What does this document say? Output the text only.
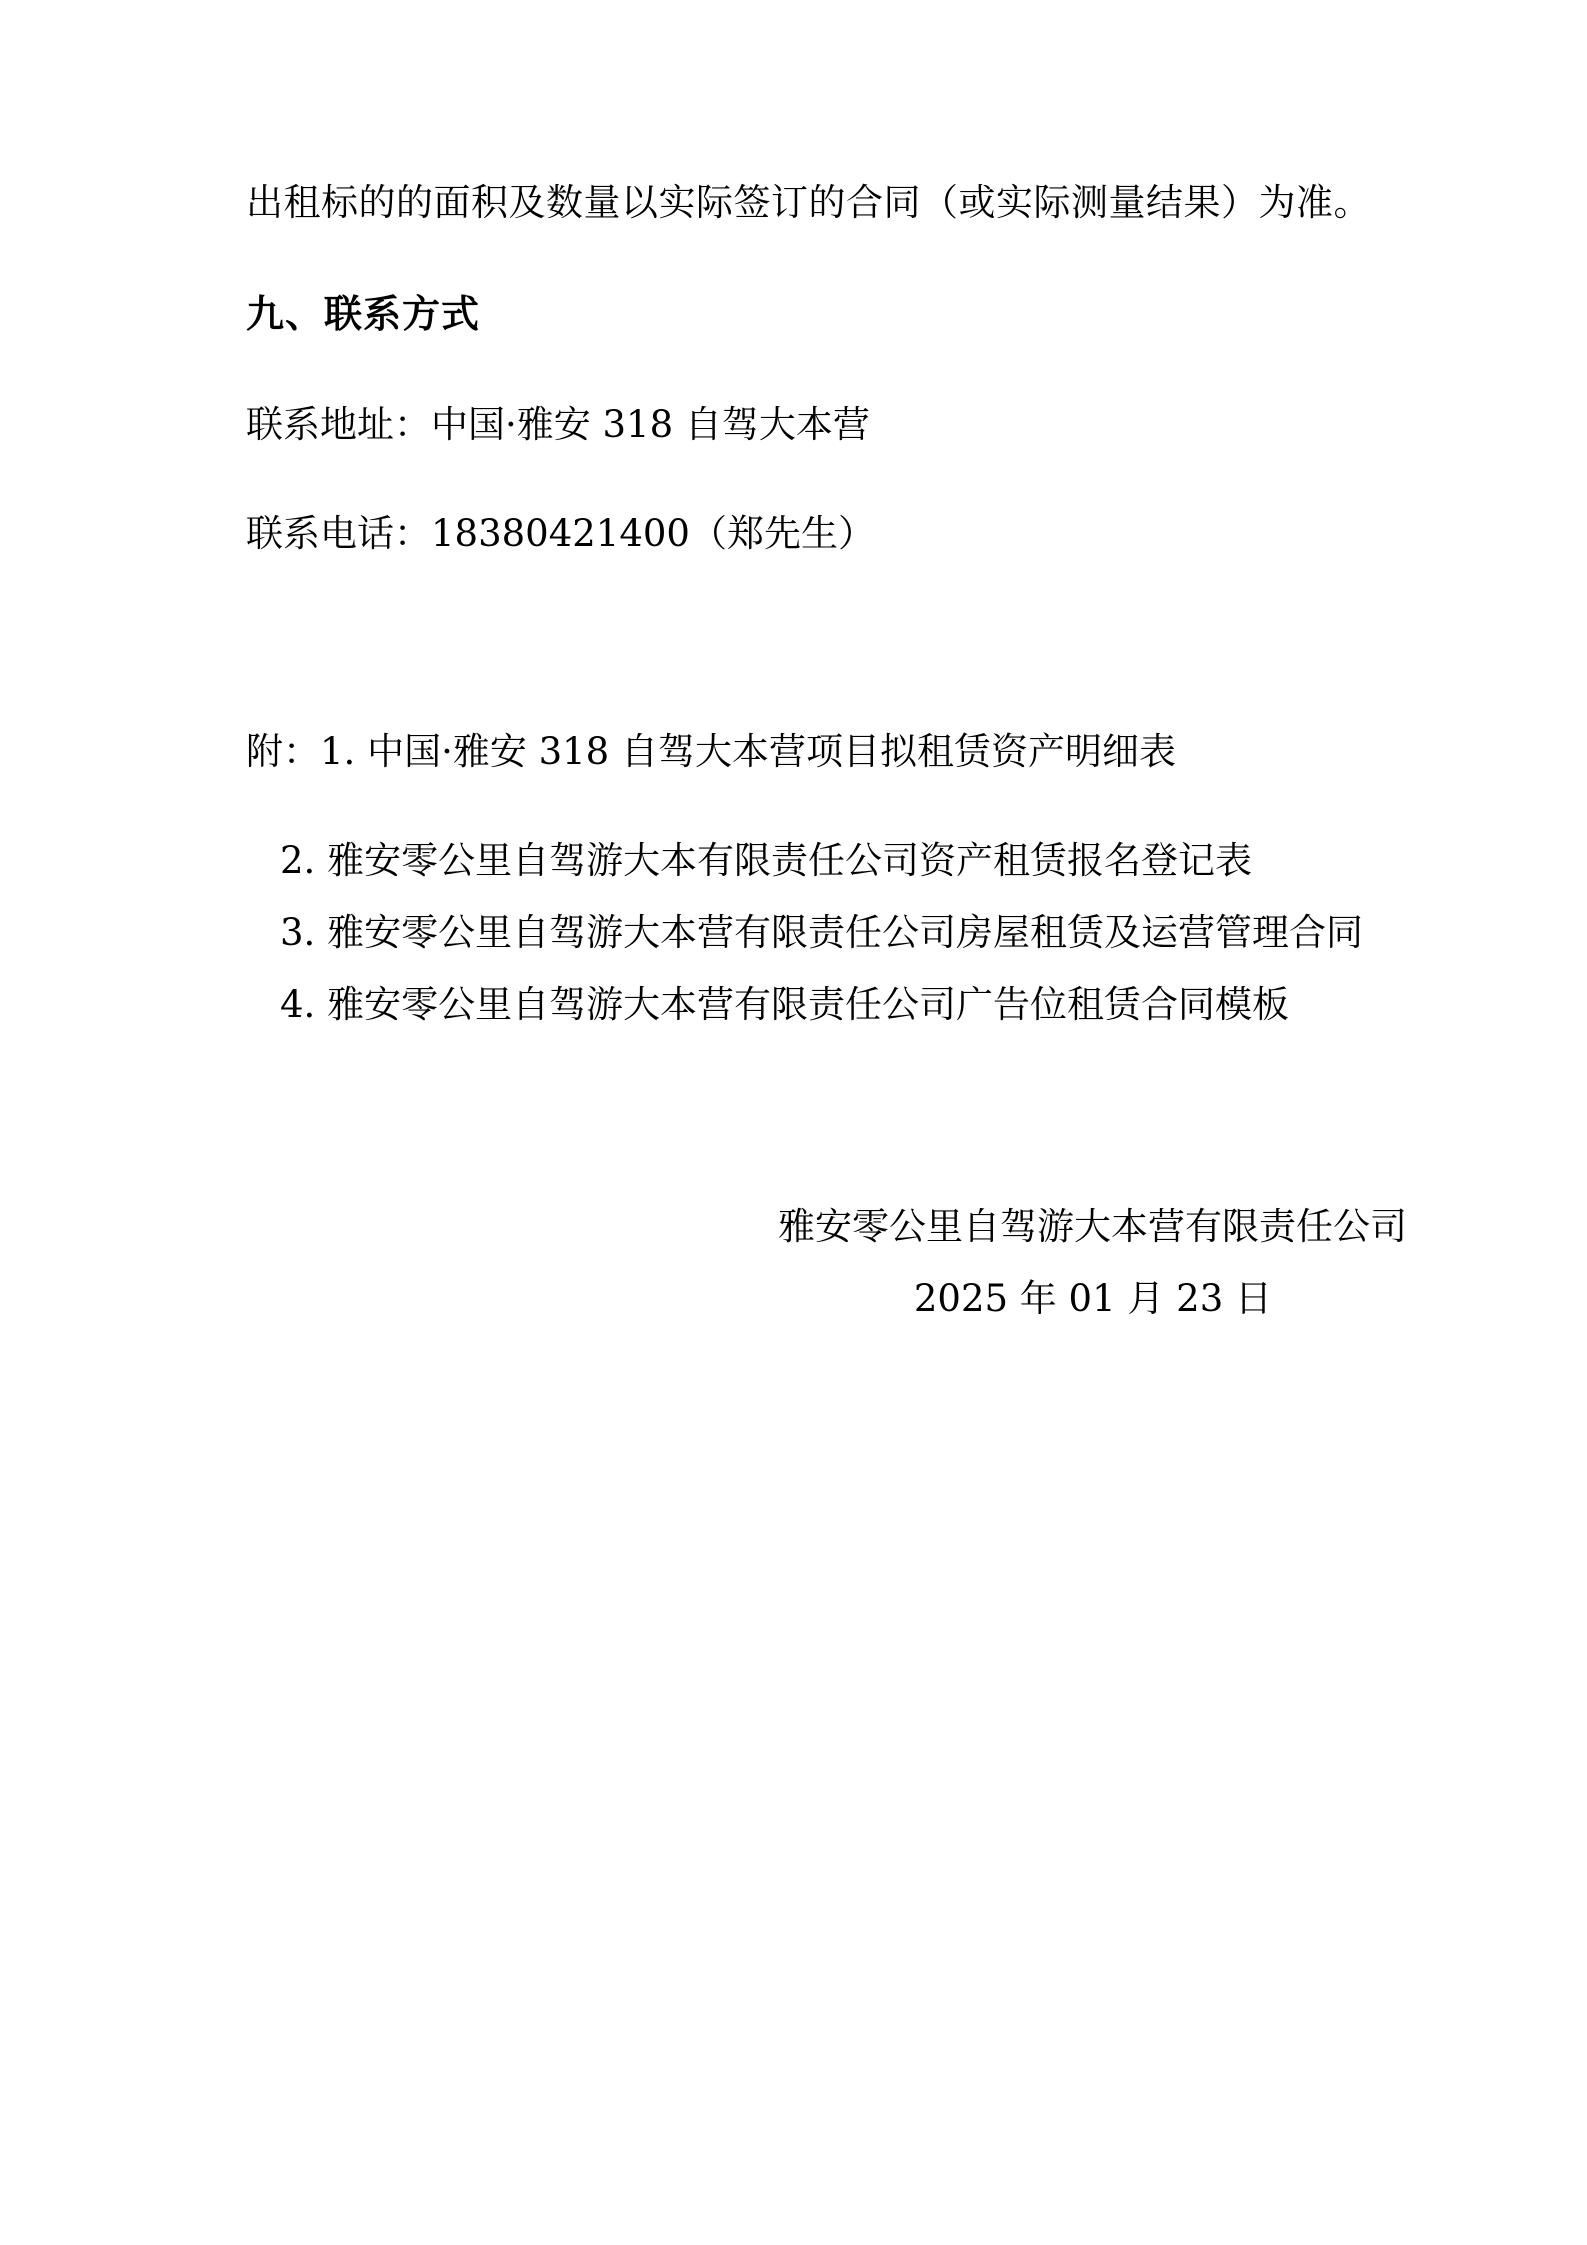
出租标的的面积及数量以实际签订的合同（或实际测量结果）为准。

九、联系方式

联系地址：中国·雅安 318 自驾大本营

联系电话：18380421400（郑先生）

附：1. 中国·雅安 318 自驾大本营项目拟租赁资产明细表

2. 雅安零公里自驾游大本有限责任公司资产租赁报名登记表
3. 雅安零公里自驾游大本营有限责任公司房屋租赁及运营管理合同
4. 雅安零公里自驾游大本营有限责任公司广告位租赁合同模板
雅安零公里自驾游大本营有限责任公司
2025 年 01 月 23 日
